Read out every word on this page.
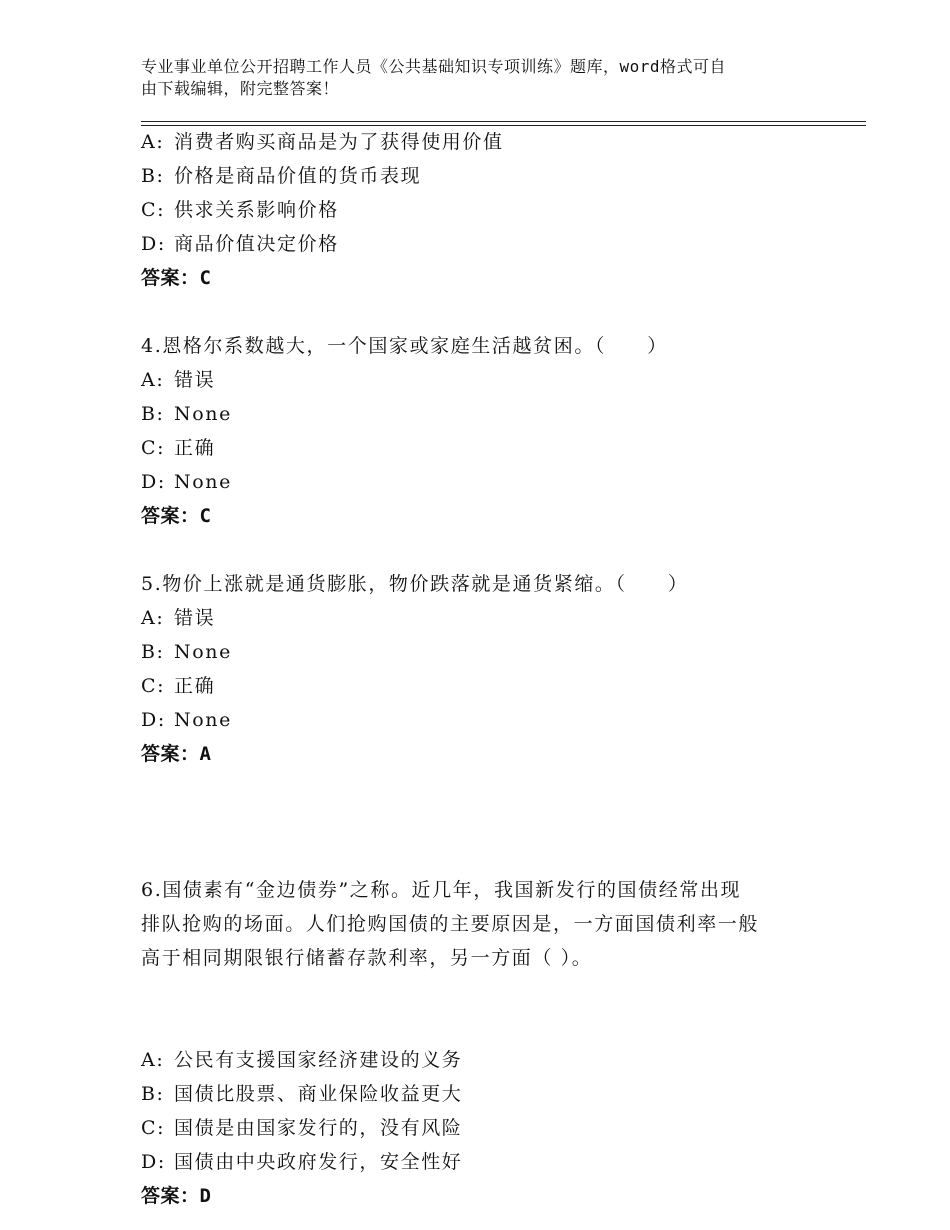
专业事业单位公开招聘工作人员《公共基础知识专项训练》题库，word格式可自
由下载编辑，附完整答案！
A: 消费者购买商品是为了获得使用价值
B: 价格是商品价值的货币表现
C: 供求关系影响价格
D: 商品价值决定价格
答案：C

4.恩格尔系数越大，一个国家或家庭生活越贫困。（　　）

A: 错误
B: None
C: 正确
D: None
答案：C

5.物价上涨就是通货膨胀，物价跌落就是通货紧缩。（　　）

A: 错误
B: None
C: 正确
D: None
答案：A

6.国债素有“金边债券”之称。近几年，我国新发行的国债经常出现
排队抢购的场面。人们抢购国债的主要原因是，一方面国债利率一般
高于相同期限银行储蓄存款利率，另一方面（ ）。

A: 公民有支援国家经济建设的义务
B: 国债比股票、商业保险收益更大
C: 国债是由国家发行的，没有风险
D: 国债由中央政府发行，安全性好
答案：D
